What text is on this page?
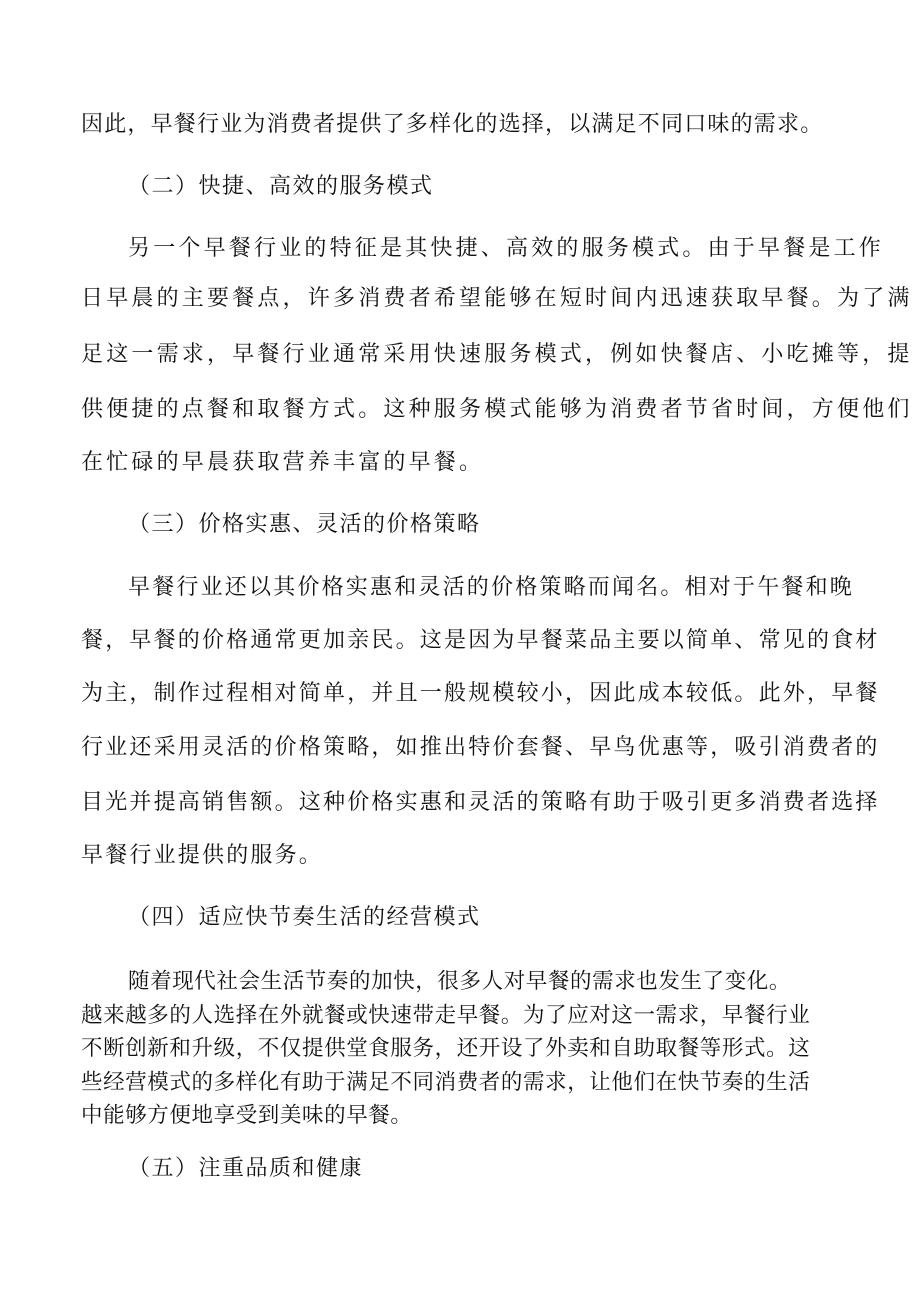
因此，早餐行业为消费者提供了多样化的选择，以满足不同口味的需求。
（二）快捷、高效的服务模式
另一个早餐行业的特征是其快捷、高效的服务模式。由于早餐是工作
日早晨的主要餐点，许多消费者希望能够在短时间内迅速获取早餐。为了满
足这一需求，早餐行业通常采用快速服务模式，例如快餐店、小吃摊等，提
供便捷的点餐和取餐方式。这种服务模式能够为消费者节省时间，方便他们
在忙碌的早晨获取营养丰富的早餐。
（三）价格实惠、灵活的价格策略
早餐行业还以其价格实惠和灵活的价格策略而闻名。相对于午餐和晚
餐，早餐的价格通常更加亲民。这是因为早餐菜品主要以简单、常见的食材
为主，制作过程相对简单，并且一般规模较小，因此成本较低。此外，早餐
行业还采用灵活的价格策略，如推出特价套餐、早鸟优惠等，吸引消费者的
目光并提高销售额。这种价格实惠和灵活的策略有助于吸引更多消费者选择
早餐行业提供的服务。
（四）适应快节奏生活的经营模式
随着现代社会生活节奏的加快，很多人对早餐的需求也发生了变化。
越来越多的人选择在外就餐或快速带走早餐。为了应对这一需求，早餐行业
不断创新和升级，不仅提供堂食服务，还开设了外卖和自助取餐等形式。这
些经营模式的多样化有助于满足不同消费者的需求，让他们在快节奏的生活
中能够方便地享受到美味的早餐。
（五）注重品质和健康
